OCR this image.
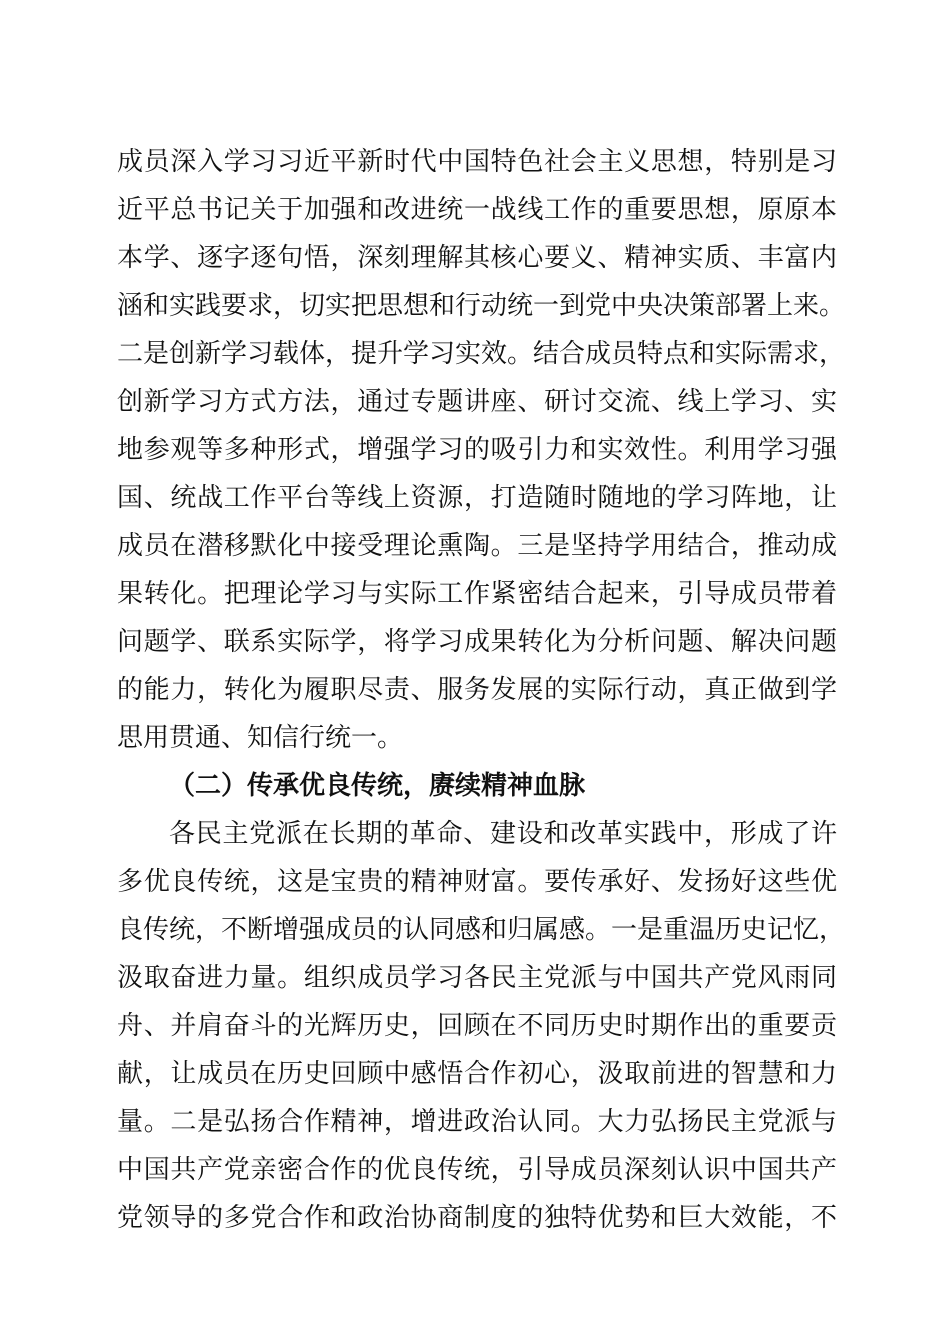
成员深入学习习近平新时代中国特色社会主义思想，特别是习
近平总书记关于加强和改进统一战线工作的重要思想，原原本
本学、逐字逐句悟，深刻理解其核心要义、精神实质、丰富内
涵和实践要求，切实把思想和行动统一到党中央决策部署上来。
二是创新学习载体，提升学习实效。结合成员特点和实际需求，
创新学习方式方法，通过专题讲座、研讨交流、线上学习、实
地参观等多种形式，增强学习的吸引力和实效性。利用学习强
国、统战工作平台等线上资源，打造随时随地的学习阵地，让
成员在潜移默化中接受理论熏陶。三是坚持学用结合，推动成
果转化。把理论学习与实际工作紧密结合起来，引导成员带着
问题学、联系实际学，将学习成果转化为分析问题、解决问题
的能力，转化为履职尽责、服务发展的实际行动，真正做到学
思用贯通、知信行统一。
（二）传承优良传统，赓续精神血脉
各民主党派在长期的革命、建设和改革实践中，形成了许
多优良传统，这是宝贵的精神财富。要传承好、发扬好这些优
良传统，不断增强成员的认同感和归属感。一是重温历史记忆，
汲取奋进力量。组织成员学习各民主党派与中国共产党风雨同
舟、并肩奋斗的光辉历史，回顾在不同历史时期作出的重要贡
献，让成员在历史回顾中感悟合作初心，汲取前进的智慧和力
量。二是弘扬合作精神，增进政治认同。大力弘扬民主党派与
中国共产党亲密合作的优良传统，引导成员深刻认识中国共产
党领导的多党合作和政治协商制度的独特优势和巨大效能，不
